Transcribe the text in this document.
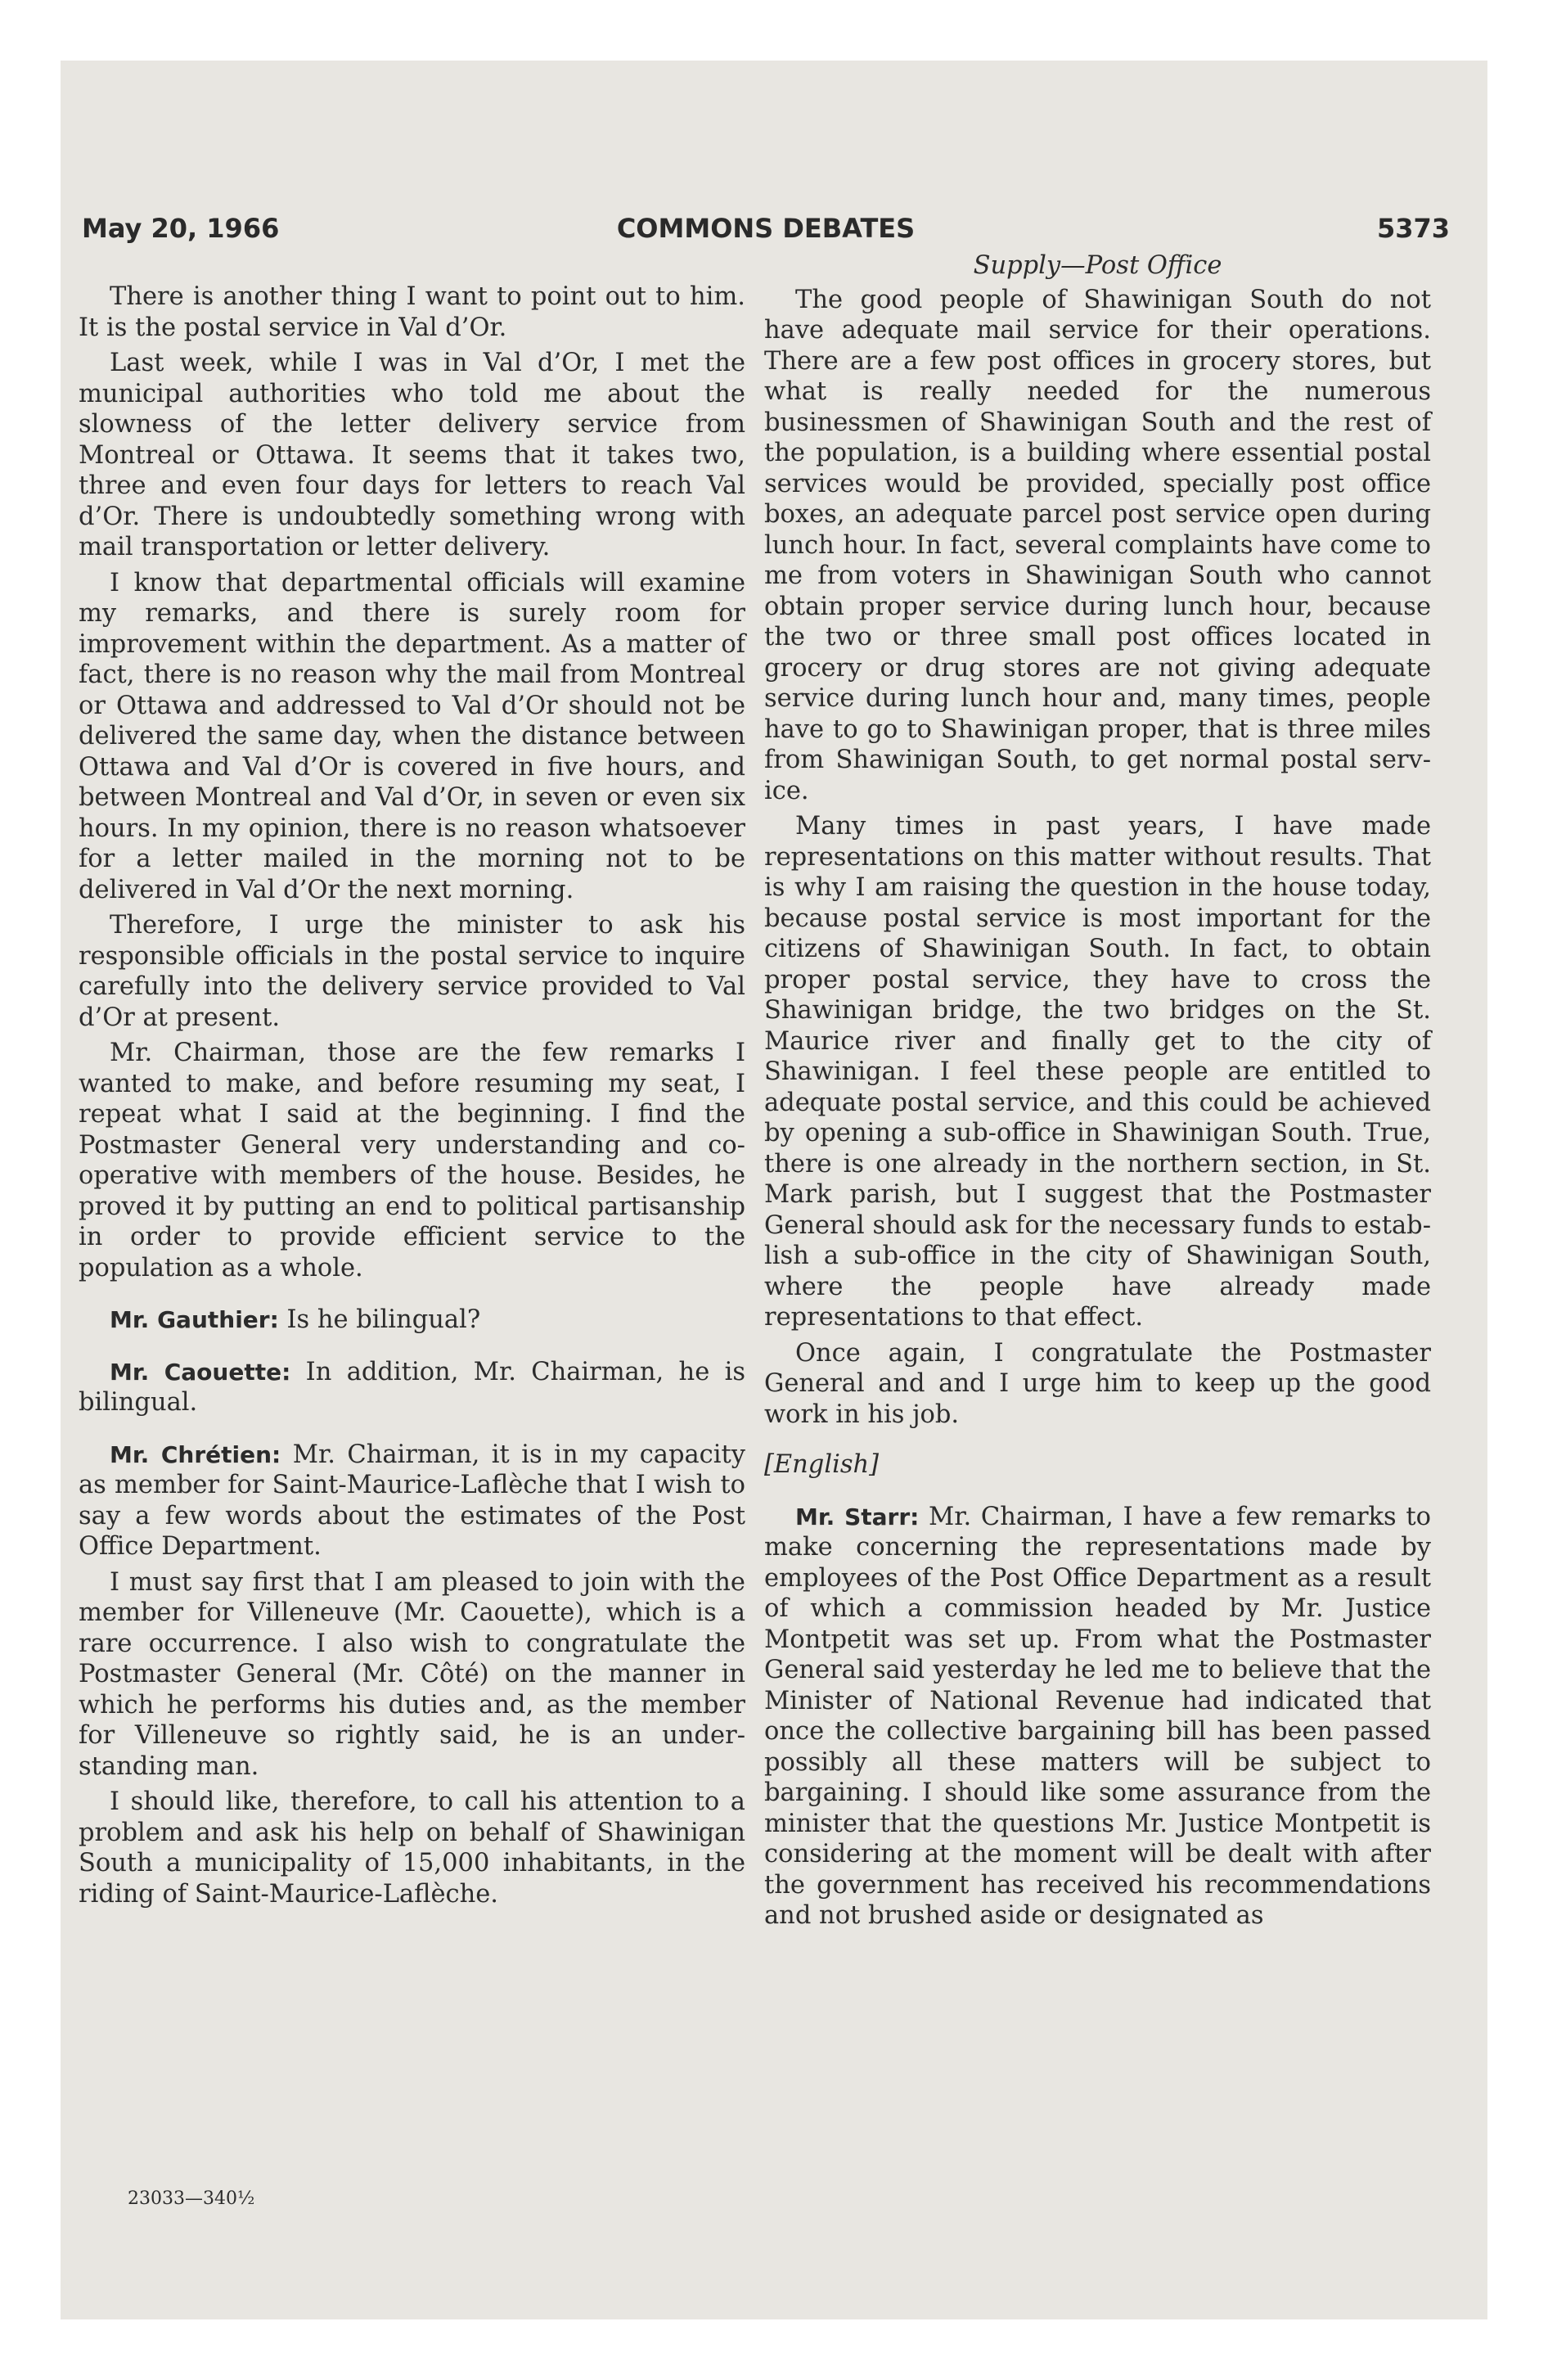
May 20, 1966	COMMONS DEBATES	5373

There is another thing I want to point out to him. It is the postal service in Val d’Or.

Last week, while I was in Val d’Or, I met the municipal authorities who told me about the slowness of the letter delivery service from Montreal or Ottawa. It seems that it takes two, three and even four days for letters to reach Val d’Or. There is undoubtedly something wrong with mail transportation or letter delivery.

I know that departmental officials will examine my remarks, and there is surely room for improvement within the department. As a matter of fact, there is no reason why the mail from Montreal or Ottawa and addressed to Val d’Or should not be delivered the same day, when the distance between Ottawa and Val d’Or is covered in five hours, and between Montreal and Val d’Or, in seven or even six hours. In my opinion, there is no reason whatsoever for a letter mailed in the morning not to be delivered in Val d’Or the next morning.

Therefore, I urge the minister to ask his responsible officials in the postal service to inquire carefully into the delivery service provided to Val d’Or at present.

Mr. Chairman, those are the few remarks I wanted to make, and before resuming my seat, I repeat what I said at the beginning. I find the Postmaster General very understanding and co-operative with members of the house. Besides, he proved it by putting an end to political partisanship in order to provide efficient service to the population as a whole.

Mr. Gauthier: Is he bilingual?

Mr. Caouette: In addition, Mr. Chairman, he is bilingual.

Mr. Chrétien: Mr. Chairman, it is in my capacity as member for Saint-Maurice-Laflèche that I wish to say a few words about the estimates of the Post Office Department.

I must say first that I am pleased to join with the member for Villeneuve (Mr. Caouette), which is a rare occurrence. I also wish to congratulate the Postmaster General (Mr. Côté) on the manner in which he performs his duties and, as the member for Villeneuve so rightly said, he is an understanding man.

I should like, therefore, to call his attention to a problem and ask his help on behalf of Shawinigan South a municipality of 15,000 inhabitants, in the riding of Saint-Maurice-Laflèche.

23033—340½

Supply—Post Office

The good people of Shawinigan South do not have adequate mail service for their operations. There are a few post offices in grocery stores, but what is really needed for the numerous businessmen of Shawinigan South and the rest of the population, is a building where essential postal services would be provided, specially post office boxes, an adequate parcel post service open during lunch hour. In fact, several complaints have come to me from voters in Shawinigan South who cannot obtain proper service during lunch hour, because the two or three small post offices located in grocery or drug stores are not giving adequate service during lunch hour and, many times, people have to go to Shawinigan proper, that is three miles from Shawinigan South, to get normal postal service.

Many times in past years, I have made representations on this matter without results. That is why I am raising the question in the house today, because postal service is most important for the citizens of Shawinigan South. In fact, to obtain proper postal service, they have to cross the Shawinigan bridge, the two bridges on the St. Maurice river and finally get to the city of Shawinigan. I feel these people are entitled to adequate postal service, and this could be achieved by opening a sub-office in Shawinigan South. True, there is one already in the northern section, in St. Mark parish, but I suggest that the Postmaster General should ask for the necessary funds to establish a sub-office in the city of Shawinigan South, where the people have already made representations to that effect.

Once again, I congratulate the Postmaster General and and I urge him to keep up the good work in his job.

[English]

Mr. Starr: Mr. Chairman, I have a few remarks to make concerning the representations made by employees of the Post Office Department as a result of which a commission headed by Mr. Justice Montpetit was set up. From what the Postmaster General said yesterday he led me to believe that the Minister of National Revenue had indicated that once the collective bargaining bill has been passed possibly all these matters will be subject to bargaining. I should like some assurance from the minister that the questions Mr. Justice Montpetit is considering at the moment will be dealt with after the government has received his recommendations and not brushed aside or designated as
